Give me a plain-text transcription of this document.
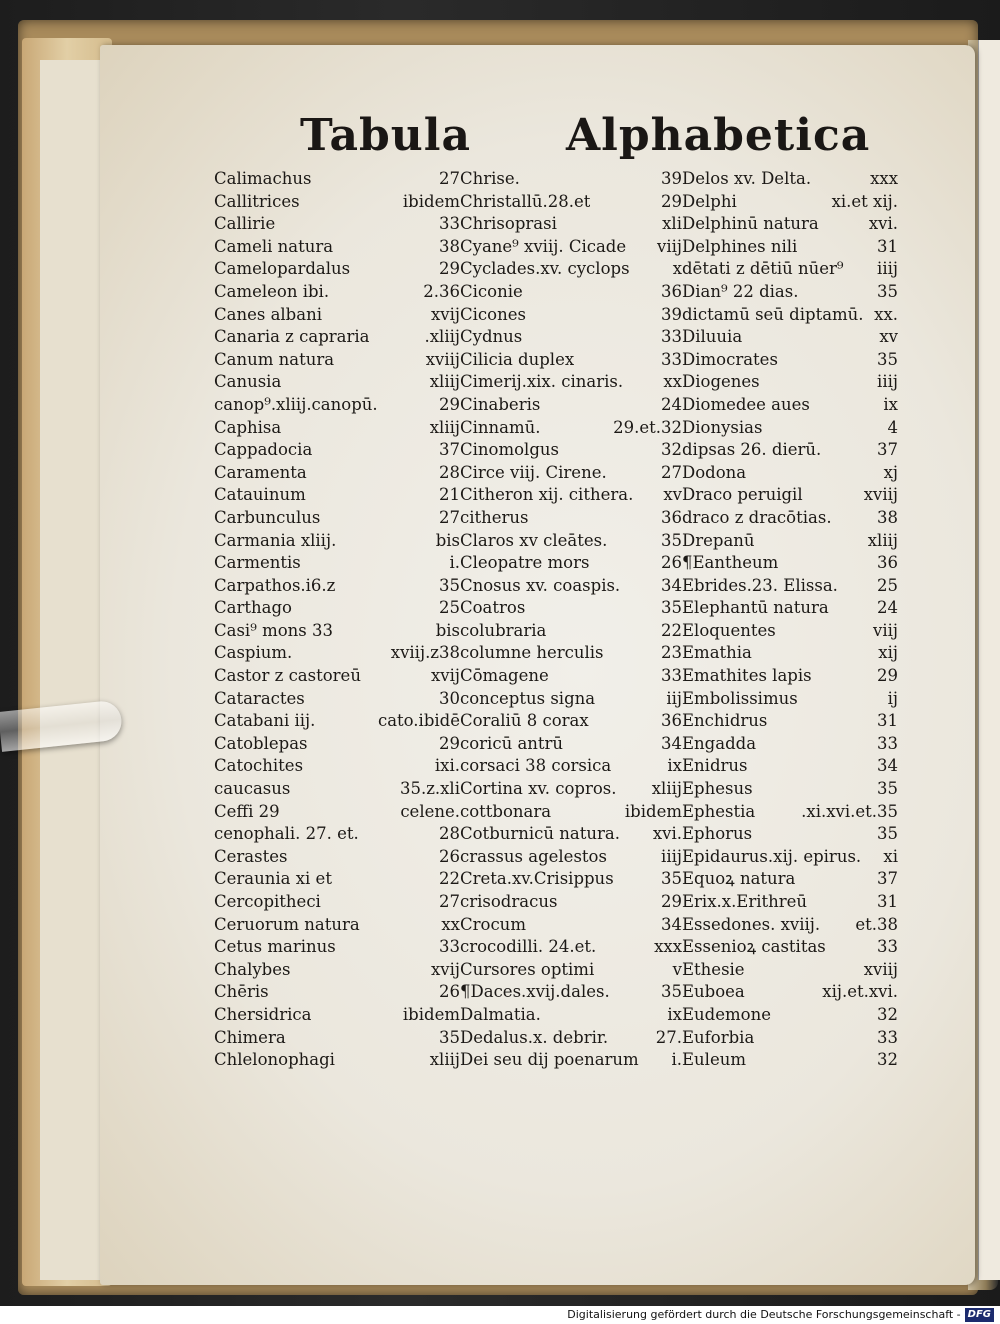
Tabula Alphabetica
Calimachus	27
Callitrices	ibidem
Callirie	33
Cameli natura	38
Camelopardalus	29
Cameleon ibi.	2.36
Canes albani	xvij
Canaria z capraria	.xliij
Canum natura	xviij
Canusia	xliij
canop⁹.xliij.canopū.	29
Caphisa	xliij
Cappadocia	37
Caramenta	28
Catauinum	21
Carbunculus	27
Carmania xliij.	bis
Carmentis	i.
Carpathos.i6.z	35
Carthago	25
Casi⁹ mons 33	bis
Caspium.	xviij.z38
Castor z castoreū	xvij
Cataractes	30
Catabani iij.	cato.ibidē
Catoblepas	29
Catochites	ixi.
caucasus	35.z.xli
Ceffi 29	celene.
cenophali. 27. et.	28
Cerastes	26
Ceraunia xi et	22
Cercopithеci	27
Ceruorum natura	xx
Cetus marinus	33
Chalybes	xvij
Chēris	26
Chersidrica	ibidem
Chimera	35
Chlelonophagi	xliij
Chrise.	39
Christallū.28.et	29
Chrisoprasi	xli
Cyane⁹ xviij. Cicade viij
Cyclades.xv. cyclops	x
Ciconie	36
Cicones	39
Cydnus	33
Cilicia duplex	33
Cimerij.xix. cinaris. xx
Cinaberis	24
Cinnamū.	29.et.32
Cinomolgus	32
Circe viij. Cirene.	27
Citheron xij. cithera. xv
citherus	36
Claros xv cleātes.	35
Cleopatre mors	26
Cnosus xv. coaspis. 34
Coatros	35
colubraria	22
columne herculis	23
Cōmagene	33
conceptus signa	iij
Coraliū 8 corax	36
coricū antrū	34
corsaci 38 corsica	ix
Cortina xv. copros. xliij
cottbonara	ibidem
Cotburnicū natura. xvi.
crassus agelestos	iiij
Creta.xv.Crisippus	35
crisodracus	29
Crocum	34
crocodilli. 24.et.	xxx
Cursores optimi	v
¶Daces.xvij.dales.	35
Dalmatia.	ix
Dedalus.x. debrir.	27.
Dei seu dij poenarum i.
Delos xv. Delta.	xxx
Delphi	xi.et xij.
Delphinū natura	xvi.
Delphines nili	31
dētati z dētiū nūer⁹ iiij
Dian⁹ 22 dias.	35
dictamū seū diptamū. xx.
Diluuia	xv
Dimocrates	35
Diogenes	iiij
Diomedee aues	ix
Dionysias	4
dipsas 26. dierū.	37
Dodona	xj
Draco peruigil	xviij
draco z dracōtias.	38
Drepanū	xliij
¶Eantheum	36
Ebrides.23. Elissa. 25
Elephantū natura	24
Eloquentes	viij
Emathia	xij
Emathites lapis	29
Embolissimus	ij
Enchidrus	31
Engadda	33
Enidrus	34
Ephesus	35
Ephestia	.xi.xvi.et.35
Ephorus	35
Epidaurus.xij. epirus. xi
Equoꝝ natura	37
Erix.x.Erithreū	31
Essedones. xviij. et.38
Essenioꝝ castitas	33
Ethesie	xviij
Euboea	xij.et.xvi.
Eudemone	32
Euforbia	33
Euleum	32
Digitalisierung gefördert durch die Deutsche Forschungsgemeinschaft - DFG
